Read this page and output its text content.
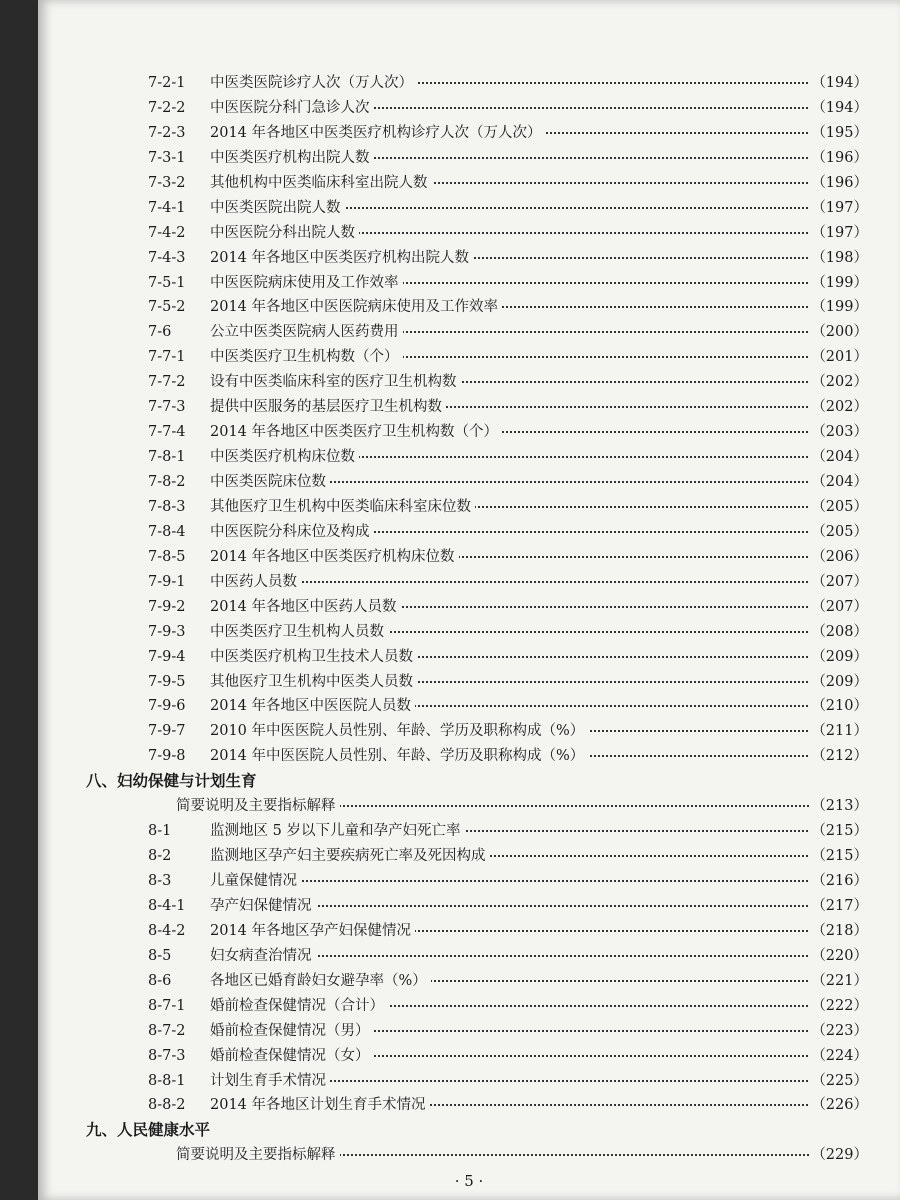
7-2-1 中医类医院诊疗人次（万人次）	（194）
7-2-2 中医医院分科门急诊人次	（194）
7-2-3 2014 年各地区中医类医疗机构诊疗人次（万人次）	（195）
7-3-1 中医类医疗机构出院人数	（196）
7-3-2 其他机构中医类临床科室出院人数	（196）
7-4-1 中医类医院出院人数	（197）
7-4-2 中医医院分科出院人数	（197）
7-4-3 2014 年各地区中医类医疗机构出院人数	（198）
7-5-1 中医医院病床使用及工作效率	（199）
7-5-2 2014 年各地区中医医院病床使用及工作效率	（199）
7-6	公立中医类医院病人医药费用	（200）
7-7-1 中医类医疗卫生机构数（个）	（201）
7-7-2 设有中医类临床科室的医疗卫生机构数	（202）
7-7-3 提供中医服务的基层医疗卫生机构数	（202）
7-7-4 2014 年各地区中医类医疗卫生机构数（个）	（203）
7-8-1 中医类医疗机构床位数	（204）
7-8-2 中医类医院床位数	（204）
7-8-3 其他医疗卫生机构中医类临床科室床位数	（205）
7-8-4 中医医院分科床位及构成	（205）
7-8-5 2014 年各地区中医类医疗机构床位数	（206）
7-9-1 中医药人员数	（207）
7-9-2 2014 年各地区中医药人员数	（207）
7-9-3 中医类医疗卫生机构人员数	（208）
7-9-4 中医类医疗机构卫生技术人员数	（209）
7-9-5 其他医疗卫生机构中医类人员数	（209）
7-9-6 2014 年各地区中医医院人员数	（210）
7-9-7 2010 年中医医院人员性别、年龄、学历及职称构成（%）	（211）
7-9-8 2014 年中医医院人员性别、年龄、学历及职称构成（%）	（212）
八、妇幼保健与计划生育
简要说明及主要指标解释	（213）
8-1	监测地区 5 岁以下儿童和孕产妇死亡率	（215）
8-2	监测地区孕产妇主要疾病死亡率及死因构成	（215）
8-3	儿童保健情况	（216）
8-4-1 孕产妇保健情况	（217）
8-4-2 2014 年各地区孕产妇保健情况	（218）
8-5	妇女病查治情况	（220）
8-6	各地区已婚育龄妇女避孕率（%）	（221）
8-7-1 婚前检查保健情况（合计）	（222）
8-7-2 婚前检查保健情况（男）	（223）
8-7-3 婚前检查保健情况（女）	（224）
8-8-1 计划生育手术情况	（225）
8-8-2 2014 年各地区计划生育手术情况	（226）
九、人民健康水平
简要说明及主要指标解释	（229）
· 5 ·
